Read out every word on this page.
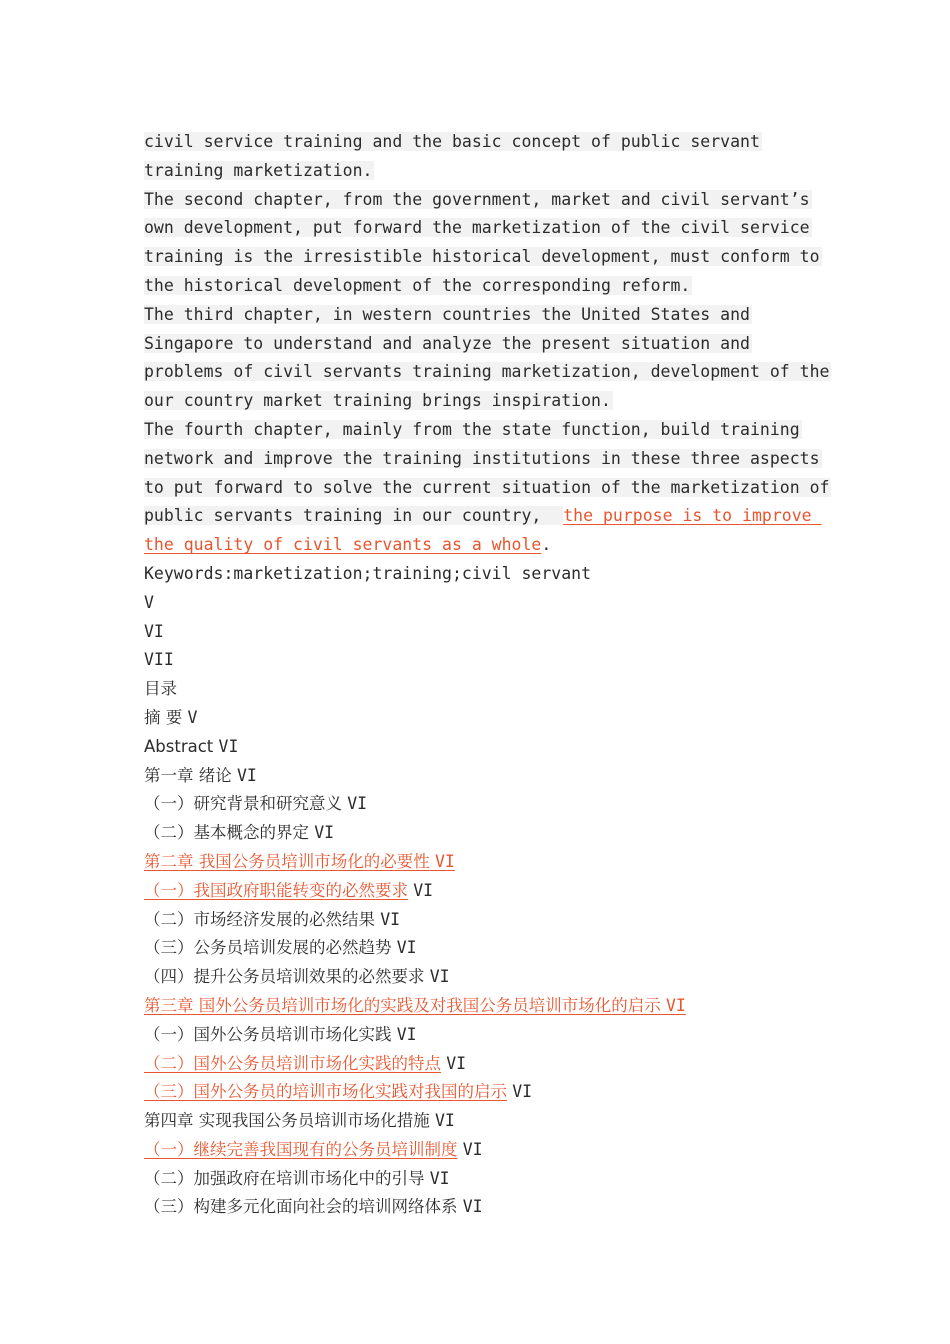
civil service training and the basic concept of public servant
training marketization.
The second chapter, from the government, market and civil servant’s
own development, put forward the marketization of the civil service
training is the irresistible historical development, must conform to
the historical development of the corresponding reform.
The third chapter, in western countries the United States and
Singapore to understand and analyze the present situation and
problems of civil servants training marketization, development of the
our country market training brings inspiration.
The fourth chapter, mainly from the state function, build training
network and improve the training institutions in these three aspects
to put forward to solve the current situation of the marketization of
public servants training in our country,  the purpose is to improve
the quality of civil servants as a whole.
Keywords:marketization;training;civil servant
V
VI
VII
目录
摘 要 V
Abstract VI
第一章 绪论 VI
（一）研究背景和研究意义 VI
（二）基本概念的界定 VI
第二章 我国公务员培训市场化的必要性 VI
（一）我国政府职能转变的必然要求 VI
（二）市场经济发展的必然结果 VI
（三）公务员培训发展的必然趋势 VI
（四）提升公务员培训效果的必然要求 VI
第三章 国外公务员培训市场化的实践及对我国公务员培训市场化的启示 VI
（一）国外公务员培训市场化实践 VI
（二）国外公务员培训市场化实践的特点 VI
（三）国外公务员的培训市场化实践对我国的启示 VI
第四章 实现我国公务员培训市场化措施 VI
（一）继续完善我国现有的公务员培训制度 VI
（二）加强政府在培训市场化中的引导 VI
（三）构建多元化面向社会的培训网络体系 VI
